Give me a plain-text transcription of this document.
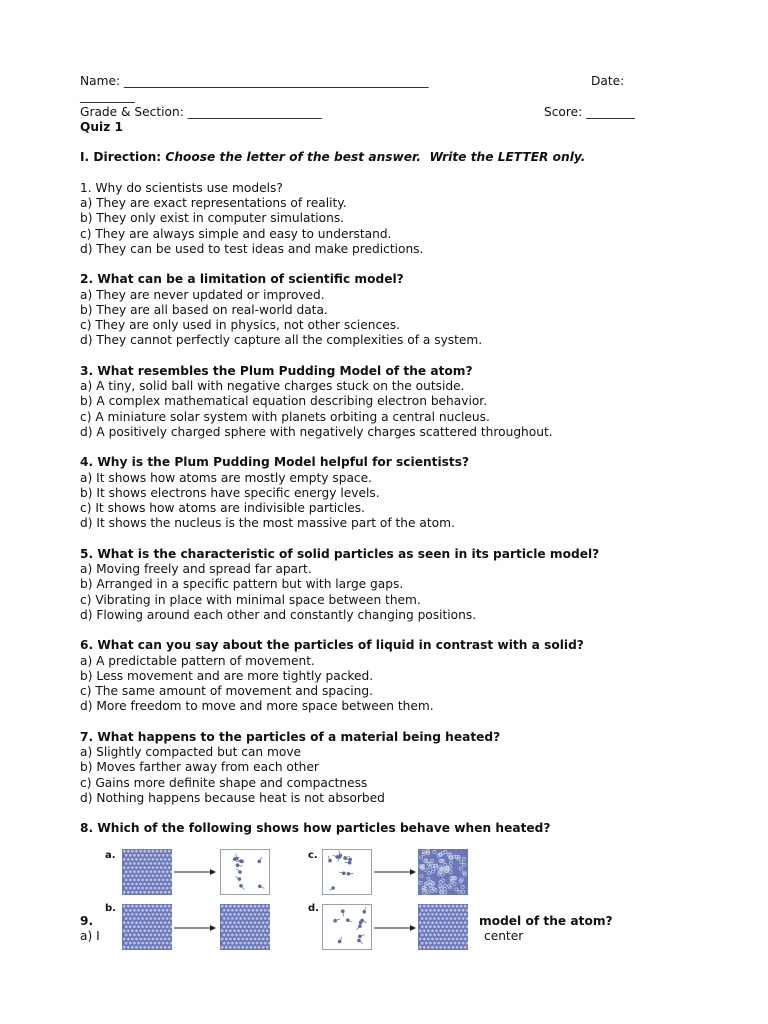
Name: __________________________________________________	Date:
_________
Grade & Section: ______________________	Score: ________
Quiz 1
I. Direction: Choose the letter of the best answer.  Write the LETTER only.
1. Why do scientists use models?
a) They are exact representations of reality.
b) They only exist in computer simulations.
c) They are always simple and easy to understand.
d) They can be used to test ideas and make predictions.
2. What can be a limitation of scientific model?
a) They are never updated or improved.
b) They are all based on real-world data.
c) They are only used in physics, not other sciences.
d) They cannot perfectly capture all the complexities of a system.
3. What resembles the Plum Pudding Model of the atom?
a) A tiny, solid ball with negative charges stuck on the outside.
b) A complex mathematical equation describing electron behavior.
c) A miniature solar system with planets orbiting a central nucleus.
d) A positively charged sphere with negatively charges scattered throughout.
4. Why is the Plum Pudding Model helpful for scientists?
a) It shows how atoms are mostly empty space.
b) It shows electrons have specific energy levels.
c) It shows how atoms are indivisible particles.
d) It shows the nucleus is the most massive part of the atom.
5. What is the characteristic of solid particles as seen in its particle model?
a) Moving freely and spread far apart.
b) Arranged in a specific pattern but with large gaps.
c) Vibrating in place with minimal space between them.
d) Flowing around each other and constantly changing positions.
6. What can you say about the particles of liquid in contrast with a solid?
a) A predictable pattern of movement.
b) Less movement and are more tightly packed.
c) The same amount of movement and spacing.
d) More freedom to move and more space between them.
7. What happens to the particles of a material being heated?
a) Slightly compacted but can move
b) Moves farther away from each other
c) Gains more definite shape and compactness
d) Nothing happens because heat is not absorbed
8. Which of the following shows how particles behave when heated?
a.
b.
c.
d.
9.	model of the atom?
a) I	center
